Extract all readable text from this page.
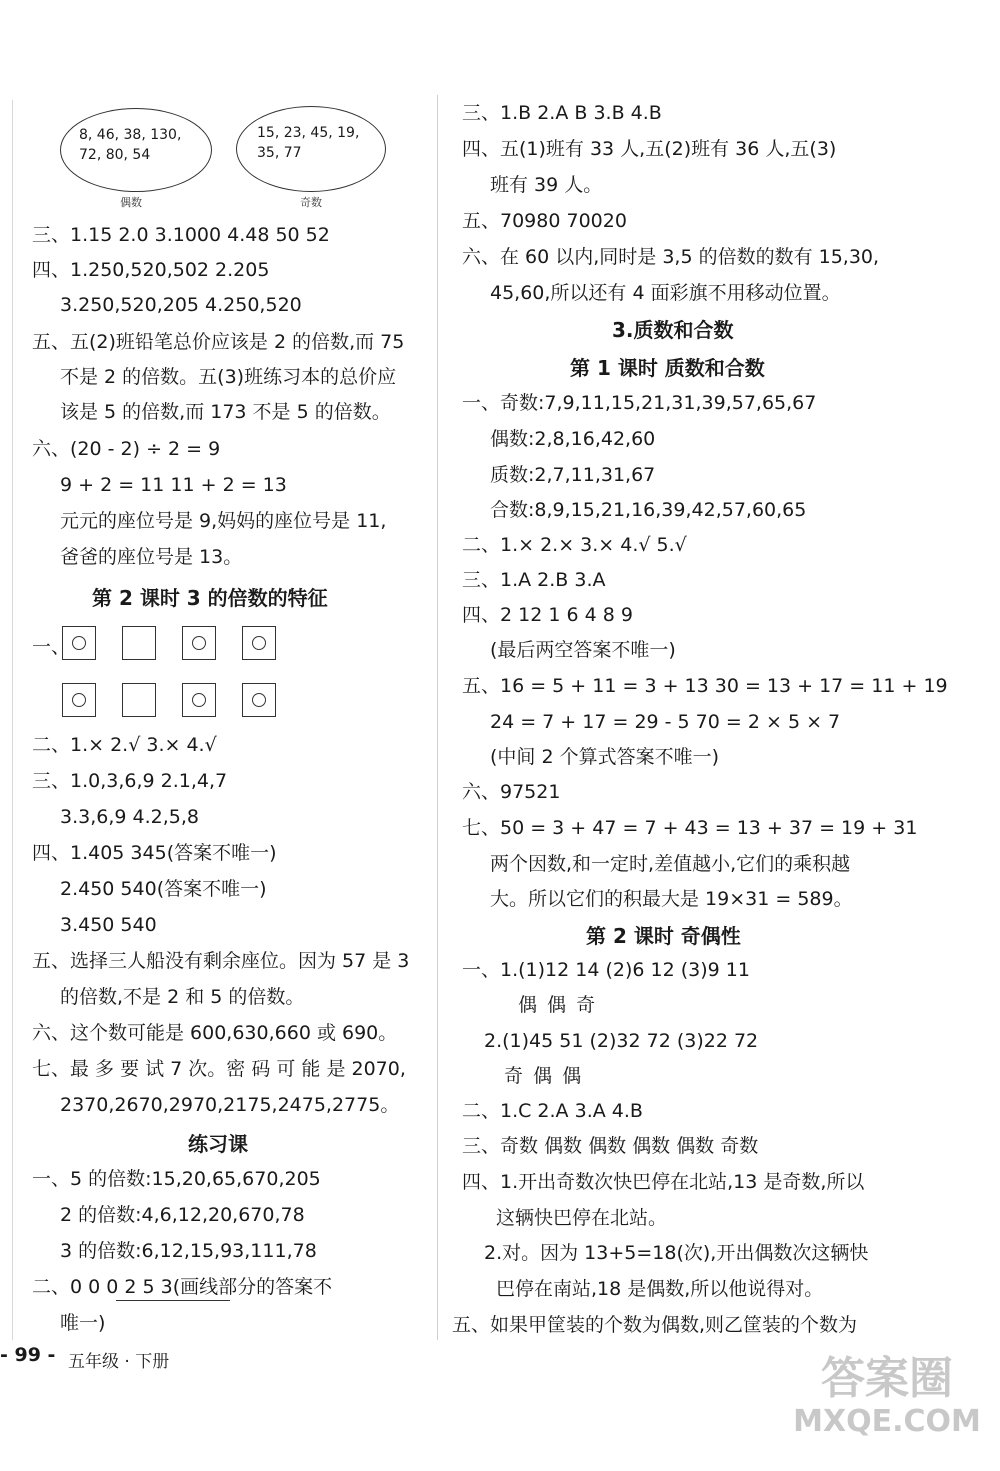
8, 46, 38, 130,
72, 80, 54
偶数
15, 23, 45, 19,
35, 77
奇数
三、1.15 2.0 3.1000 4.48 50 52
四、1.250,520,502 2.205
3.250,520,205 4.250,520
五、五(2)班铅笔总价应该是 2 的倍数,而 75
不是 2 的倍数。五(3)班练习本的总价应
该是 5 的倍数,而 173 不是 5 的倍数。
六、(20 - 2) ÷ 2 = 9
9 + 2 = 11 11 + 2 = 13
元元的座位号是 9,妈妈的座位号是 11,
爸爸的座位号是 13。
第 2 课时 3 的倍数的特征
一、
二、1.× 2.√ 3.× 4.√
三、1.0,3,6,9 2.1,4,7
3.3,6,9 4.2,5,8
四、1.405 345(答案不唯一)
2.450 540(答案不唯一)
3.450 540
五、选择三人船没有剩余座位。因为 57 是 3
的倍数,不是 2 和 5 的倍数。
六、这个数可能是 600,630,660 或 690。
七、最 多 要 试 7 次。密 码 可 能 是 2070,
2370,2670,2970,2175,2475,2775。
练习课
一、5 的倍数:15,20,65,670,205
2 的倍数:4,6,12,20,670,78
3 的倍数:6,12,15,93,111,78
二、0 0 0 2 5 3(画线部分的答案不
唯一)
三、1.B 2.A B 3.B 4.B
四、五(1)班有 33 人,五(2)班有 36 人,五(3)
班有 39 人。
五、70980 70020
六、在 60 以内,同时是 3,5 的倍数的数有 15,30,
45,60,所以还有 4 面彩旗不用移动位置。
3.质数和合数
第 1 课时 质数和合数
一、奇数:7,9,11,15,21,31,39,57,65,67
偶数:2,8,16,42,60
质数:2,7,11,31,67
合数:8,9,15,21,16,39,42,57,60,65
二、1.× 2.× 3.× 4.√ 5.√
三、1.A 2.B 3.A
四、2 12 1 6 4 8 9
(最后两空答案不唯一)
五、16 = 5 + 11 = 3 + 13 30 = 13 + 17 = 11 + 19
24 = 7 + 17 = 29 - 5 70 = 2 × 5 × 7
(中间 2 个算式答案不唯一)
六、97521
七、50 = 3 + 47 = 7 + 43 = 13 + 37 = 19 + 31
两个因数,和一定时,差值越小,它们的乘积越
大。所以它们的积最大是 19×31 = 589。
第 2 课时 奇偶性
一、1.(1)12 14 (2)6 12 (3)9 11
偶 偶 奇
2.(1)45 51 (2)32 72 (3)22 72
奇 偶 偶
二、1.C 2.A 3.A 4.B
三、奇数 偶数 偶数 偶数 偶数 奇数
四、1.开出奇数次快巴停在北站,13 是奇数,所以
这辆快巴停在北站。
2.对。因为 13+5=18(次),开出偶数次这辆快
巴停在南站,18 是偶数,所以他说得对。
五、如果甲筐装的个数为偶数,则乙筐装的个数为
- 99 - 五年级 · 下册	答案圈
MXQE.COM
